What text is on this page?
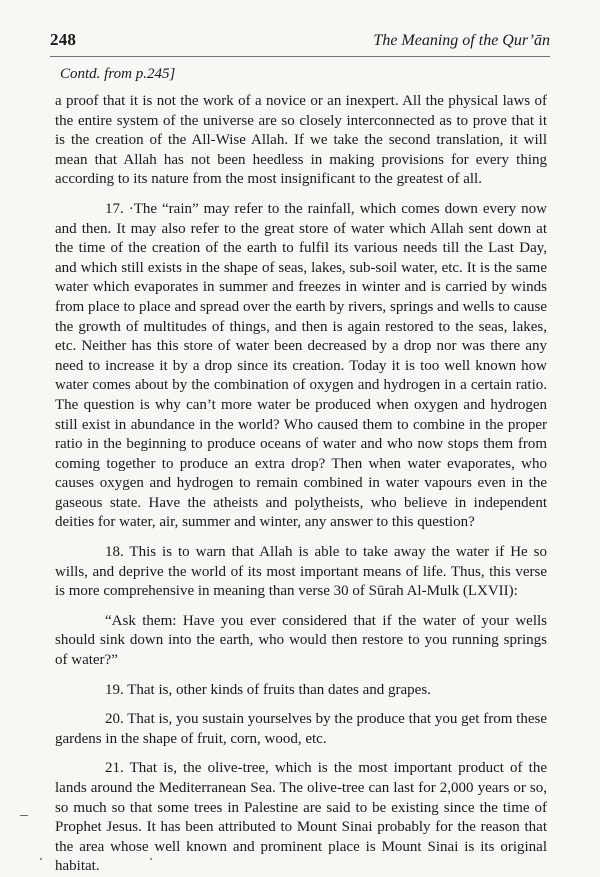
248	The Meaning of the Qur’ān
Contd. from p.245]

a proof that it is not the work of a novice or an inexpert. All the physical laws of the entire system of the universe are so closely interconnected as to prove that it is the creation of the All-Wise Allah. If we take the second translation, it will mean that Allah has not been heedless in making provisions for every thing according to its nature from the most insignificant to the greatest of all.

17. ·The “rain” may refer to the rainfall, which comes down every now and then. It may also refer to the great store of water which Allah sent down at the time of the creation of the earth to fulfil its various needs till the Last Day, and which still exists in the shape of seas, lakes, sub-soil water, etc. It is the same water which evaporates in summer and freezes in winter and is carried by winds from place to place and spread over the earth by rivers, springs and wells to cause the growth of multitudes of things, and then is again restored to the seas, lakes, etc. Neither has this store of water been decreased by a drop nor was there any need to increase it by a drop since its creation. Today it is too well known how water comes about by the combination of oxygen and hydrogen in a certain ratio. The question is why can’t more water be produced when oxygen and hydrogen still exist in abundance in the world? Who caused them to combine in the proper ratio in the beginning to produce oceans of water and who now stops them from coming together to produce an extra drop? Then when water evaporates, who causes oxygen and hydrogen to remain combined in water vapours even in the gaseous state. Have the atheists and polytheists, who believe in independent deities for water, air, summer and winter, any answer to this question?

18. This is to warn that Allah is able to take away the water if He so wills, and deprive the world of its most important means of life. Thus, this verse is more comprehensive in meaning than verse 30 of Sūrah Al-Mulk (LXVII):

“Ask them: Have you ever considered that if the water of your wells should sink down into the earth, who would then restore to you running springs of water?”

19. That is, other kinds of fruits than dates and grapes.

20. That is, you sustain yourselves by the produce that you get from these gardens in the shape of fruit, corn, wood, etc.

21. That is, the olive-tree, which is the most important product of the lands around the Mediterranean Sea. The olive-tree can last for 2,000 years or so, so much so that some trees in Palestine are said to be existing since the time of Prophet Jesus. It has been attributed to Mount Sinai probably for the reason that the area whose well known and prominent place is Mount Sinai is its original habitat.
